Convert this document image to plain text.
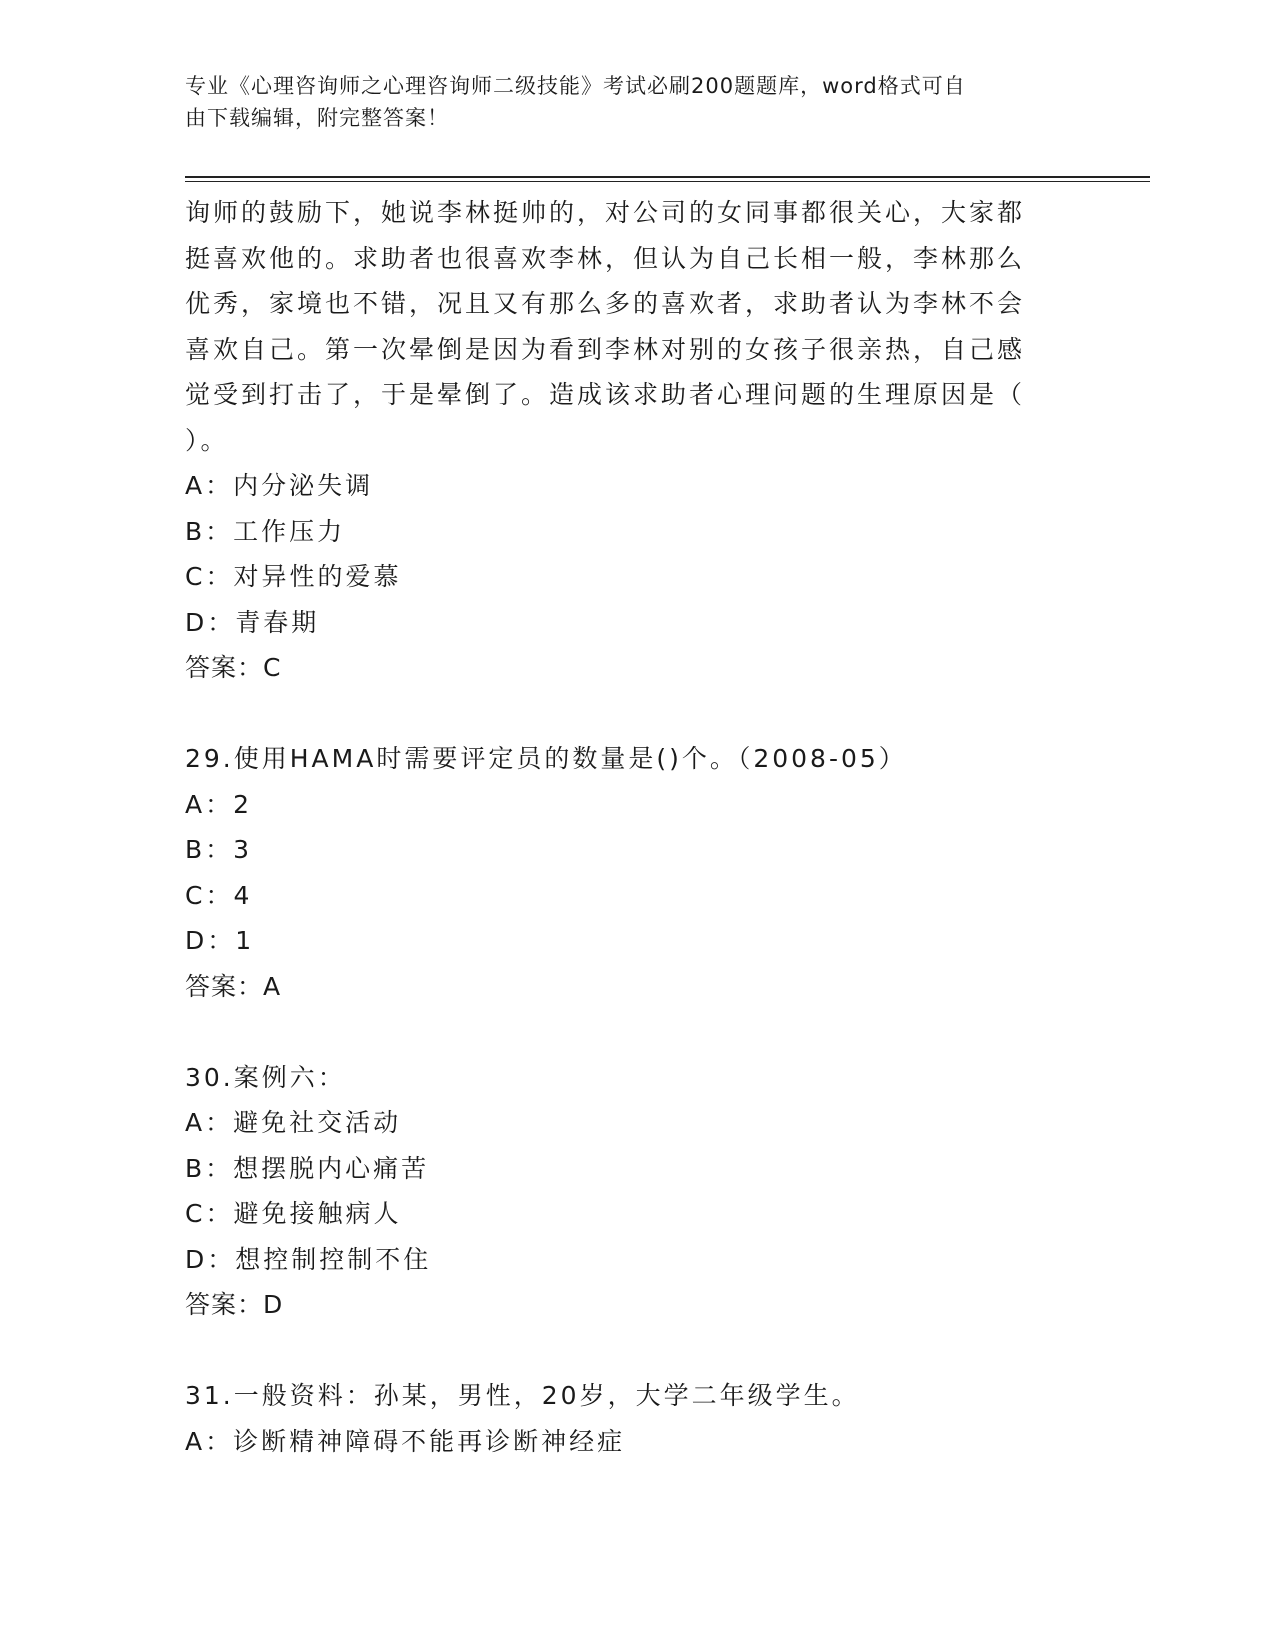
专业《心理咨询师之心理咨询师二级技能》考试必刷200题题库，word格式可自
由下载编辑，附完整答案！
询师的鼓励下，她说李林挺帅的，对公司的女同事都很关心，大家都
挺喜欢他的。求助者也很喜欢李林，但认为自己长相一般，李林那么
优秀，家境也不错，况且又有那么多的喜欢者，求助者认为李林不会
喜欢自己。第一次晕倒是因为看到李林对别的女孩子很亲热，自己感
觉受到打击了，于是晕倒了。造成该求助者心理问题的生理原因是（
）。
A：内分泌失调
B：工作压力
C：对异性的爱慕
D：青春期
答案：C
29.使用HAMA时需要评定员的数量是()个。（2008-05）
A：2
B：3
C：4
D：1
答案：A
30.案例六：
A：避免社交活动
B：想摆脱内心痛苦
C：避免接触病人
D：想控制控制不住
答案：D
31.一般资料：孙某，男性，20岁，大学二年级学生。
A：诊断精神障碍不能再诊断神经症
